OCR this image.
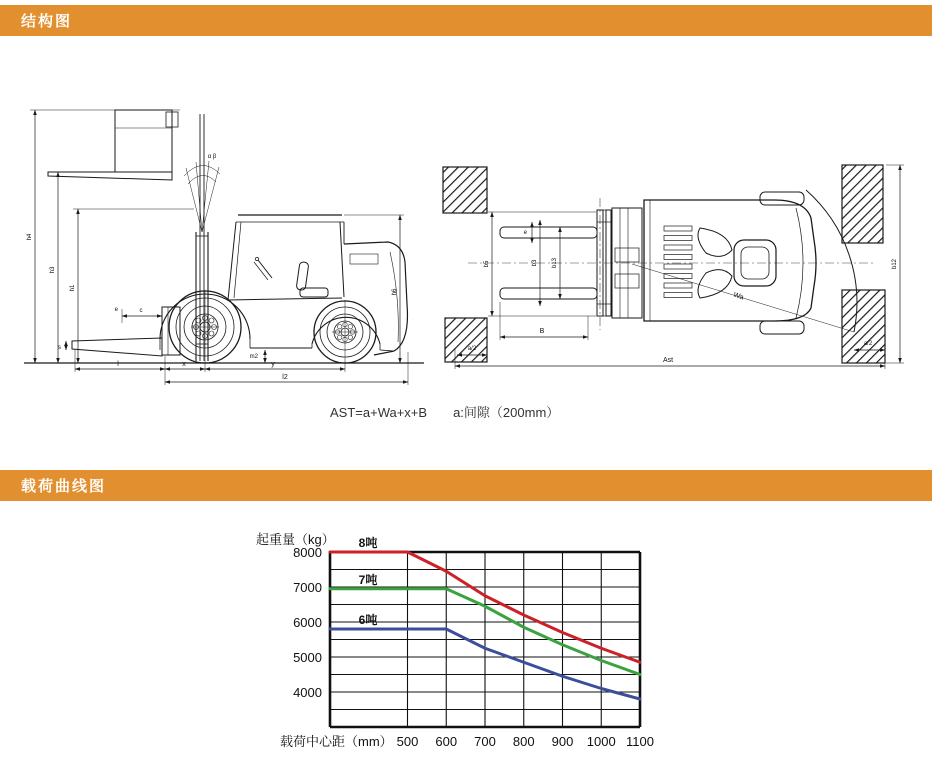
结构图
α β
h4
h3
h1
h6
c
e
s
m2
l	x	y
l2
Wa
b5	b3 b13
e
b12
B
a/2
a/2
Ast
AST=a+Wa+x+B a:间隙（200mm）
载荷曲线图
8000
7000
6000
5000
4000
500 600 700 800 900 1000 1100
起重量（kg）
载荷中心距（mm）
8吨
7吨
6吨
